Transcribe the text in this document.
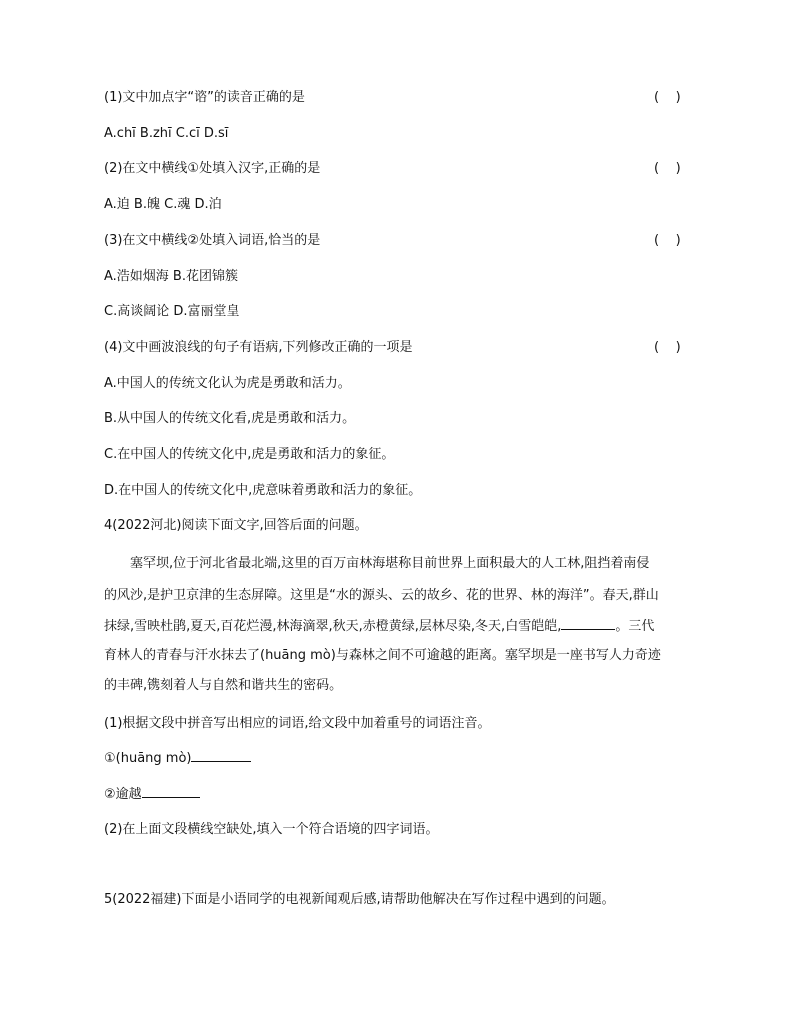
(1)文中加点字“谘”的读音正确的是	(    )
A.chī B.zhī C.cī D.sī
(2)在文中横线①处填入汉字,正确的是	(    )
A.迫 B.魄 C.魂 D.泊
(3)在文中横线②处填入词语,恰当的是	(    )
A.浩如烟海 B.花团锦簇
C.高谈阔论 D.富丽堂皇
(4)文中画波浪线的句子有语病,下列修改正确的一项是	(    )
A.中国人的传统文化认为虎是勇敢和活力。
B.从中国人的传统文化看,虎是勇敢和活力。
C.在中国人的传统文化中,虎是勇敢和活力的象征。
D.在中国人的传统文化中,虎意味着勇敢和活力的象征。
4(2022河北)阅读下面文字,回答后面的问题。
塞罕坝,位于河北省最北端,这里的百万亩林海堪称目前世界上面积最大的人工林,阻挡着南侵
的风沙,是护卫京津的生态屏障。这里是“水的源头、云的故乡、花的世界、林的海洋”。春天,群山
抹绿,雪映杜鹃,夏天,百花烂漫,林海滴翠,秋天,赤橙黄绿,层林尽染,冬天,白雪皑皑,	。三代
育林人的青春与汗水抹去了(huāng mò)与森林之间不可逾越的距离。塞罕坝是一座书写人力奇迹
的丰碑,镌刻着人与自然和谐共生的密码。
(1)根据文段中拼音写出相应的词语,给文段中加着重号的词语注音。
①(huāng mò)
②逾越
(2)在上面文段横线空缺处,填入一个符合语境的四字词语。
5(2022福建)下面是小语同学的电视新闻观后感,请帮助他解决在写作过程中遇到的问题。
